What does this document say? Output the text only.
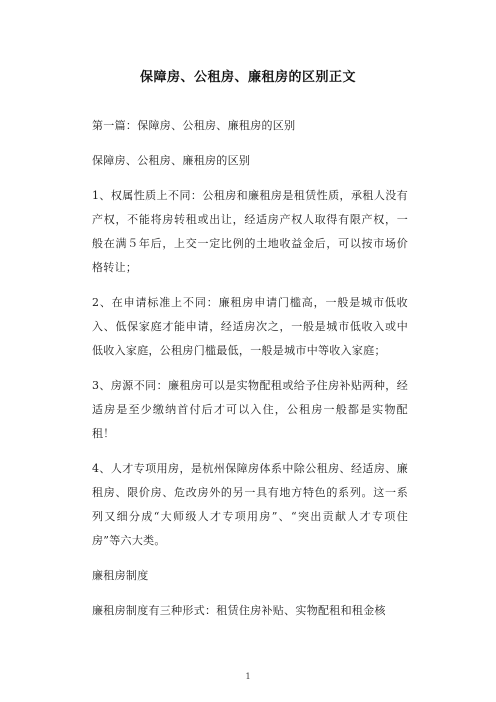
保障房、公租房、廉租房的区别正文
第一篇：保障房、公租房、廉租房的区别
保障房、公租房、廉租房的区别
1、权属性质上不同：公租房和廉租房是租赁性质，承租人没有产权，不能将房转租或出让，经适房产权人取得有限产权，一般在满５年后，上交一定比例的土地收益金后，可以按市场价格转让；
2、在申请标准上不同：廉租房申请门槛高，一般是城市低收入、低保家庭才能申请，经适房次之，一般是城市低收入或中低收入家庭，公租房门槛最低，一般是城市中等收入家庭；
3、房源不同：廉租房可以是实物配租或给予住房补贴两种，经适房是至少缴纳首付后才可以入住，公租房一般都是实物配租！
4、人才专项用房，是杭州保障房体系中除公租房、经适房、廉租房、限价房、危改房外的另一具有地方特色的系列。这一系列又细分成“大师级人才专项用房”、“突出贡献人才专项住房”等六大类。
廉租房制度
廉租房制度有三种形式：租赁住房补贴、实物配租和租金核
1
